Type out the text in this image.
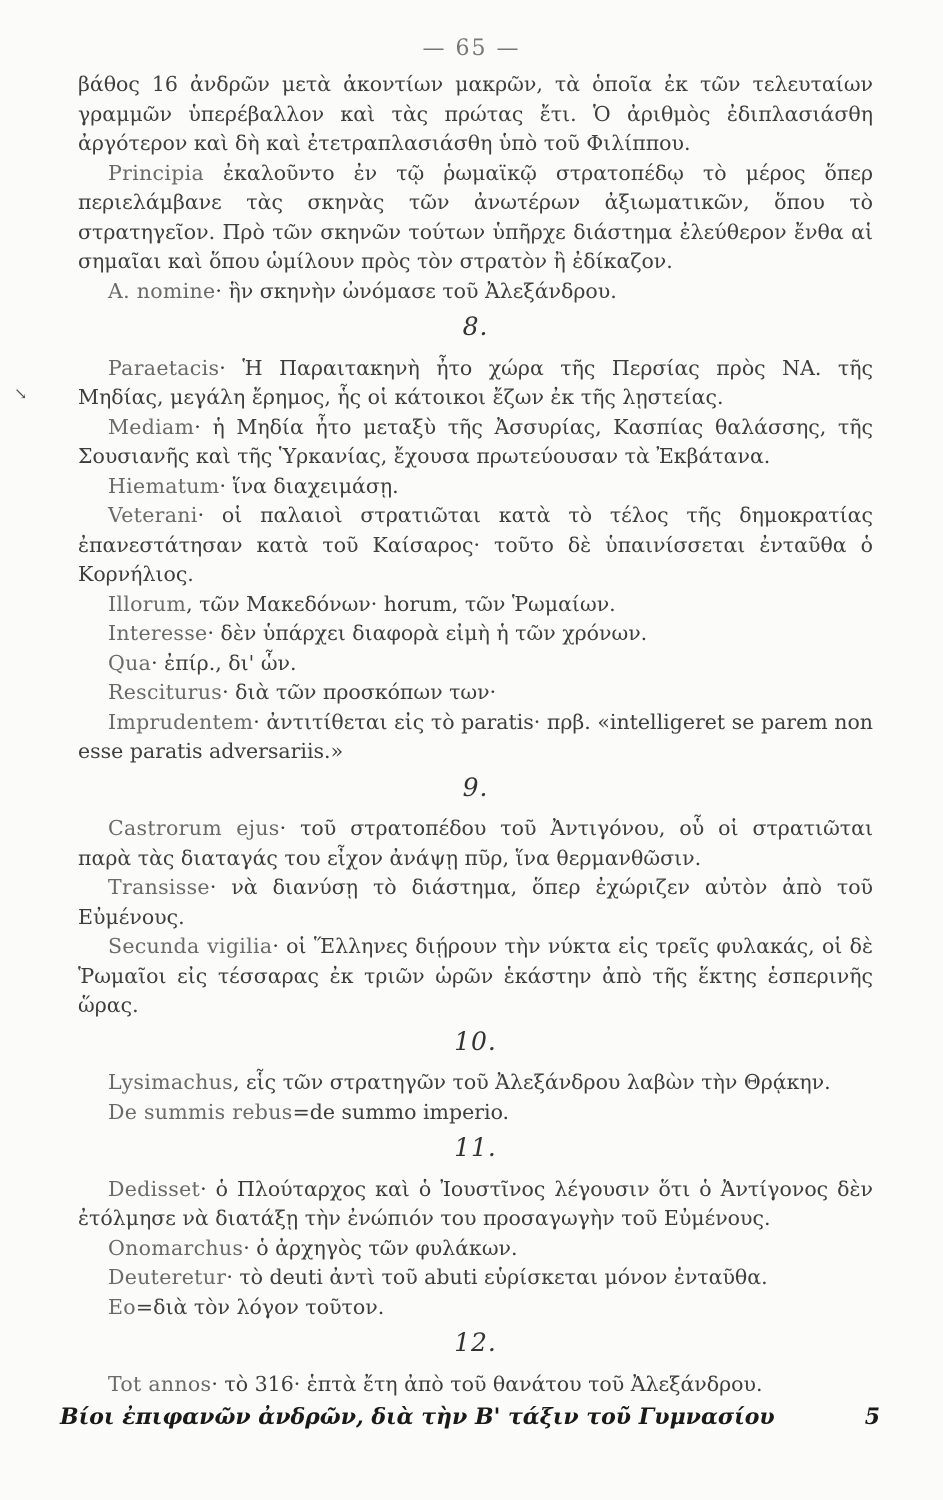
— 65 —

βάθος 16 ἀνδρῶν μετὰ ἀκοντίων μακρῶν, τὰ ὁποῖα ἐκ τῶν τελευταίων γραμμῶν ὑπερέβαλλον καὶ τὰς πρώτας ἔτι. Ὁ ἀριθμὸς ἐδιπλασιάσθη ἀργότερον καὶ δὴ καὶ ἐτετραπλασιάσθη ὑπὸ τοῦ Φιλίππου.

Principia ἐκαλοῦντο ἐν τῷ ῥωμαϊκῷ στρατοπέδῳ τὸ μέρος ὅπερ περιελάμβανε τὰς σκηνὰς τῶν ἀνωτέρων ἀξιωματικῶν, ὅπου τὸ στρατηγεῖον. Πρὸ τῶν σκηνῶν τούτων ὑπῆρχε διάστημα ἐλεύθερον ἔνθα αἱ σημαῖαι καὶ ὅπου ὡμίλουν πρὸς τὸν στρατὸν ἢ ἐδίκαζον.

A. nomine· ἣν σκηνὴν ὠνόμασε τοῦ Ἀλεξάνδρου.

8.

Paraetacis· Ἡ Παραιτακηνὴ ἦτο χώρα τῆς Περσίας πρὸς ΝΑ. τῆς Μηδίας, μεγάλη ἔρημος, ἧς οἱ κάτοικοι ἔζων ἐκ τῆς λῃστείας.

Mediam· ἡ Μηδία ἦτο μεταξὺ τῆς Ἀσσυρίας, Κασπίας θαλάσσης, τῆς Σουσιανῆς καὶ τῆς Ὑρκανίας, ἔχουσα πρωτεύουσαν τὰ Ἐκβάτανα.

Hiematum· ἵνα διαχειμάσῃ.

Veterani· οἱ παλαιοὶ στρατιῶται κατὰ τὸ τέλος τῆς δημοκρατίας ἐπανεστάτησαν κατὰ τοῦ Καίσαρος· τοῦτο δὲ ὑπαινίσσεται ἐνταῦθα ὁ Κορνήλιος.

Illorum, τῶν Μακεδόνων· horum, τῶν Ῥωμαίων.

Interesse· δὲν ὑπάρχει διαφορὰ εἰμὴ ἡ τῶν χρόνων.

Qua· ἐπίρ., δι' ὧν.

Resciturus· διὰ τῶν προσκόπων των·

Imprudentem· ἀντιτίθεται εἰς τὸ paratis· πρβ. «intelligeret se parem non esse paratis adversariis.»

9.

Castrorum ejus· τοῦ στρατοπέδου τοῦ Ἀντιγόνου, οὗ οἱ στρατιῶται παρὰ τὰς διαταγάς του εἶχον ἀνάψῃ πῦρ, ἵνα θερμανθῶσιν.

Transisse· νὰ διανύσῃ τὸ διάστημα, ὅπερ ἐχώριζεν αὐτὸν ἀπὸ τοῦ Εὐμένους.

Secunda vigilia· οἱ Ἕλληνες διῄρουν τὴν νύκτα εἰς τρεῖς φυλακάς, οἱ δὲ Ῥωμαῖοι εἰς τέσσαρας ἐκ τριῶν ὡρῶν ἑκάστην ἀπὸ τῆς ἕκτης ἑσπερινῆς ὥρας.

10.

Lysimachus, εἷς τῶν στρατηγῶν τοῦ Ἀλεξάνδρου λαβὼν τὴν Θρᾴκην.

De summis rebus=de summo imperio.

11.

Dedisset· ὁ Πλούταρχος καὶ ὁ Ἰουστῖνος λέγουσιν ὅτι ὁ Ἀντίγονος δὲν ἐτόλμησε νὰ διατάξῃ τὴν ἐνώπιόν του προσαγωγὴν τοῦ Εὐμένους.

Onomarchus· ὁ ἀρχηγὸς τῶν φυλάκων.

Deuteretur· τὸ deuti ἀντὶ τοῦ abuti εὑρίσκεται μόνον ἐνταῦθα.

Eo=διὰ τὸν λόγον τοῦτον.

12.

Tot annos· τὸ 316· ἑπτὰ ἔτη ἀπὸ τοῦ θανάτου τοῦ Ἀλεξάνδρου.

↘
Βίοι ἐπιφανῶν ἀνδρῶν, διὰ τὴν Β' τάξιν τοῦ Γυμνασίου	5
